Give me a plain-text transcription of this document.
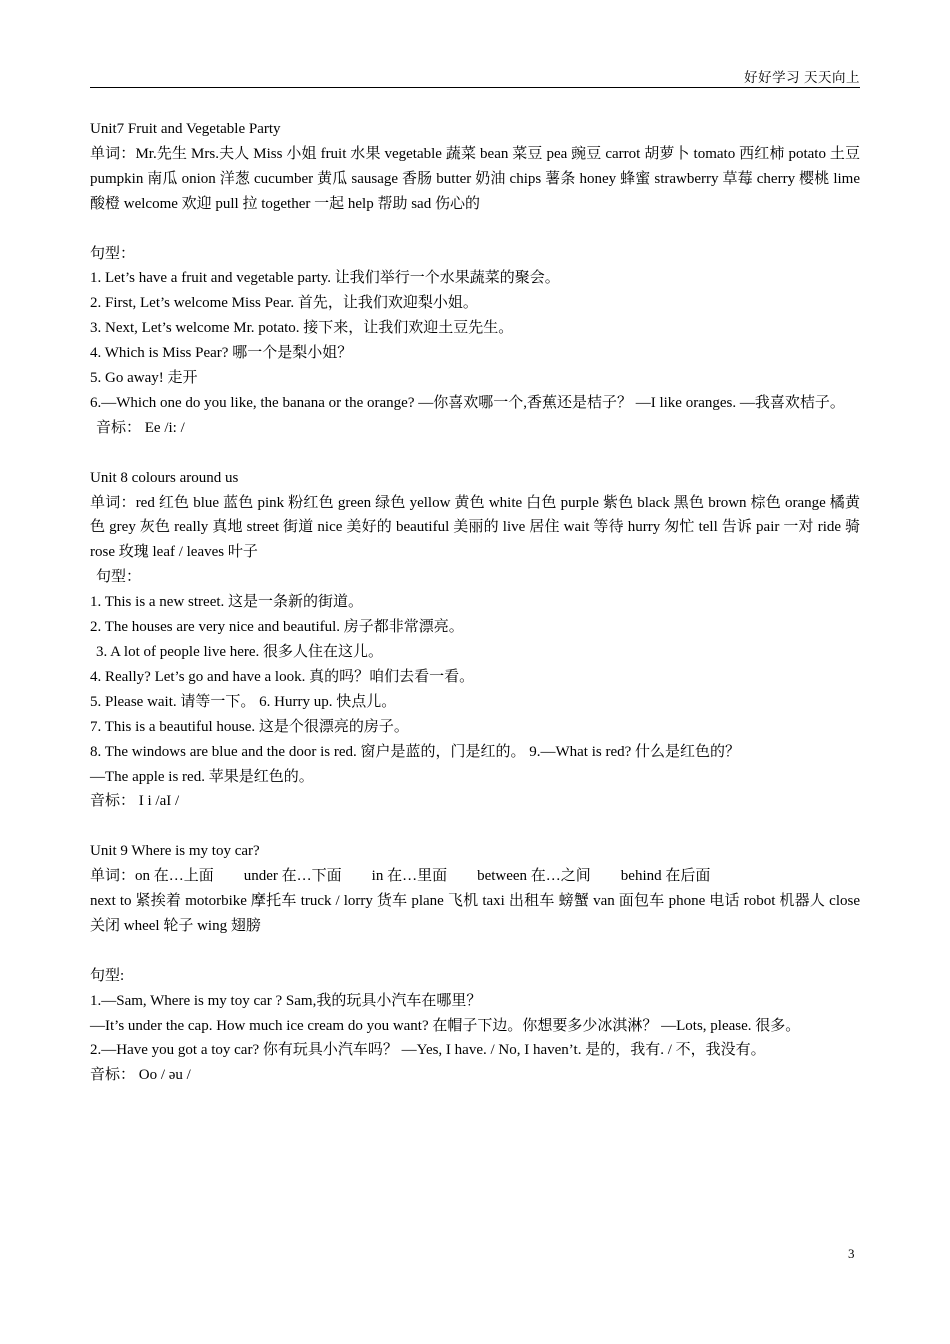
好好学习 天天向上
Unit7 Fruit and Vegetable Party
单词：Mr.先生 Mrs.夫人 Miss 小姐 fruit 水果 vegetable 蔬菜 bean 菜豆 pea 豌豆 carrot 胡萝卜 tomato 西红柿 potato 土豆 pumpkin 南瓜 onion 洋葱 cucumber 黄瓜 sausage 香肠 butter 奶油 chips 薯条 honey 蜂蜜 strawberry 草莓 cherry 樱桃 lime 酸橙 welcome 欢迎 pull 拉 together 一起 help 帮助 sad 伤心的
句型：
1. Let’s have a fruit and vegetable party. 让我们举行一个水果蔬菜的聚会。
2. First, Let’s welcome Miss Pear. 首先，让我们欢迎梨小姐。
3. Next, Let’s welcome Mr. potato. 接下来，让我们欢迎土豆先生。
4. Which is Miss Pear? 哪一个是梨小姐？
5. Go away! 走开
6.—Which one do you like, the banana or the orange? —你喜欢哪一个,香蕉还是桔子？ —I like oranges. —我喜欢桔子。
音标： Ee /i: /
Unit 8 colours around us
单词：red 红色 blue 蓝色 pink 粉红色 green 绿色 yellow 黄色 white 白色 purple 紫色 black 黑色 brown 棕色 orange 橘黄色 grey 灰色 really 真地 street 街道 nice 美好的 beautiful 美丽的 live 居住 wait 等待 hurry 匆忙 tell 告诉 pair 一对 ride 骑 rose 玫瑰 leaf / leaves 叶子
句型：
1. This is a new street. 这是一条新的街道。
2. The houses are very nice and beautiful. 房子都非常漂亮。
3. A lot of people live here. 很多人住在这儿。
4. Really? Let’s go and have a look. 真的吗？咱们去看一看。
5. Please wait. 请等一下。 6. Hurry up. 快点儿。
7. This is a beautiful house. 这是个很漂亮的房子。
8. The windows are blue and the door is red. 窗户是蓝的，门是红的。 9.—What is red? 什么是红色的？
—The apple is red. 苹果是红色的。
音标： I i /aI /
Unit 9 Where is my toy car?
单词：on 在…上面        under 在…下面        in 在…里面        between 在…之间        behind 在后面
next to 紧挨着 motorbike 摩托车 truck / lorry 货车 plane 飞机 taxi 出租车 螃蟹 van 面包车 phone 电话 robot 机器人 close 关闭 wheel 轮子 wing 翅膀
句型:
1.—Sam, Where is my toy car ? Sam,我的玩具小汽车在哪里？
—It’s under the cap. How much ice cream do you want? 在帽子下边。你想要多少冰淇淋？ —Lots, please. 很多。
2.—Have you got a toy car? 你有玩具小汽车吗？ —Yes, I have. / No, I haven’t. 是的，我有. / 不，我没有。
音标： Oo / əu /
3
